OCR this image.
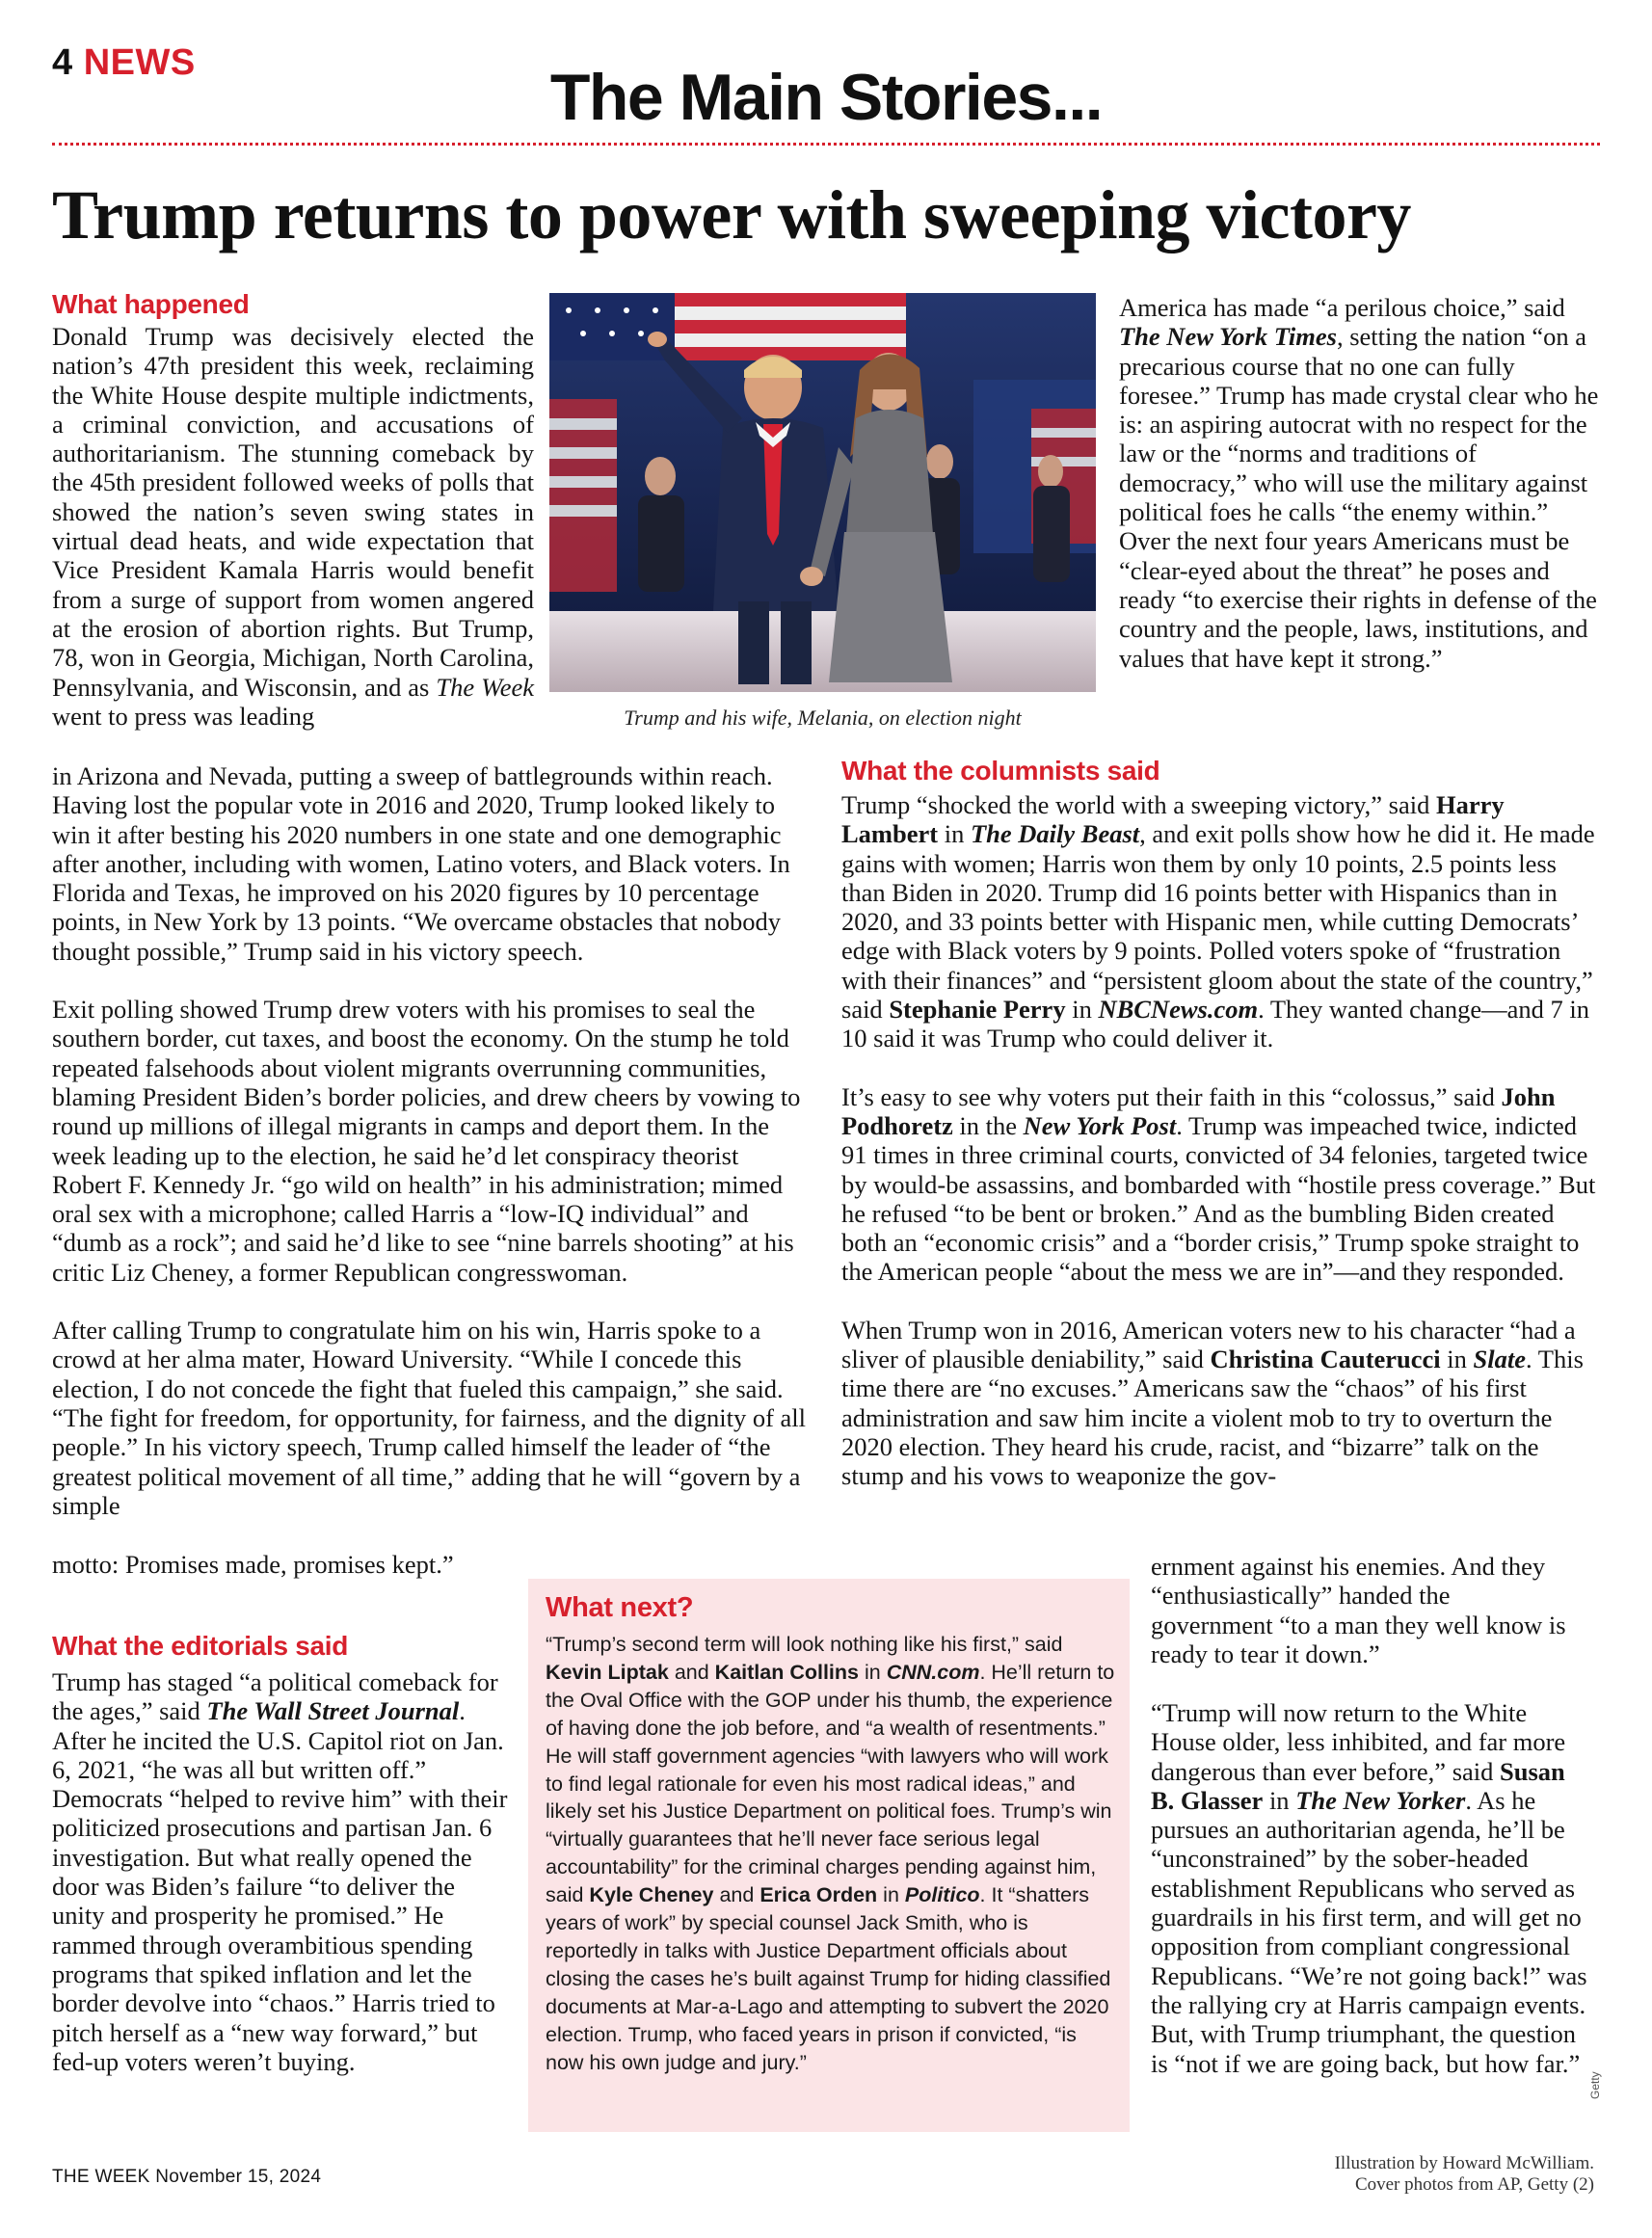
4 NEWS	The Main Stories...
Trump returns to power with sweeping victory
What happened
Donald Trump was decisively elected the nation’s 47th president this week, reclaiming the White House despite multiple indictments, a criminal conviction, and accusations of authoritarianism. The stunning comeback by the 45th president followed weeks of polls that showed the nation’s seven swing states in virtual dead heats, and wide expectation that Vice President Kamala Harris would benefit from a surge of support from women angered at the erosion of abortion rights. But Trump, 78, won in Georgia, Michigan, North Carolina, Pennsylvania, and Wisconsin, and as The Week went to press was leading	Trump and his wife, Melania, on election night
America has made “a perilous choice,” said The New York Times, setting the nation “on a precarious course that no one can fully foresee.” Trump has made crystal clear who he is: an aspiring autocrat with no respect for the law or the “norms and traditions of democracy,” who will use the military against political foes he calls “the enemy within.” Over the next four years Americans must be “clear-eyed about the threat” he poses and ready “to exercise their rights in defense of the country and the people, laws, institutions, and values that have kept it strong.”

in Arizona and Nevada, putting a sweep of battlegrounds within reach. Having lost the popular vote in 2016 and 2020, Trump looked likely to win it after besting his 2020 numbers in one state and one demographic after another, including with women, Latino voters, and Black voters. In Florida and Texas, he improved on his 2020 figures by 10 percentage points, in New York by 13 points. “We overcame obstacles that nobody thought possible,” Trump said in his victory speech.

Exit polling showed Trump drew voters with his promises to seal the southern border, cut taxes, and boost the economy. On the stump he told repeated falsehoods about violent migrants overrunning communities, blaming President Biden’s border policies, and drew cheers by vowing to round up millions of illegal migrants in camps and deport them. In the week leading up to the election, he said he’d let conspiracy theorist Robert F. Kennedy Jr. “go wild on health” in his administration; mimed oral sex with a microphone; called Harris a “low-IQ individual” and “dumb as a rock”; and said he’d like to see “nine barrels shooting” at his critic Liz Cheney, a former Republican congresswoman.

After calling Trump to congratulate him on his win, Harris spoke to a crowd at her alma mater, Howard University. “While I concede this election, I do not concede the fight that fueled this campaign,” she said. “The fight for freedom, for opportunity, for fairness, and the dignity of all people.” In his victory speech, Trump called himself the leader of “the greatest political movement of all time,” adding that he will “govern by a simple

motto: Promises made, promises kept.”
What the editorials said
Trump has staged “a political comeback for the ages,” said The Wall Street Journal. After he incited the U.S. Capitol riot on Jan. 6, 2021, “he was all but written off.” Democrats “helped to revive him” with their politicized prosecutions and partisan Jan. 6 investigation. But what really opened the door was Biden’s failure “to deliver the unity and prosperity he promised.” He rammed through overambitious spending programs that spiked inflation and let the border devolve into “chaos.” Harris tried to pitch herself as a “new way forward,” but fed-up voters weren’t buying.
What the columnists said

Trump “shocked the world with a sweeping victory,” said Harry Lambert in The Daily Beast, and exit polls show how he did it. He made gains with women; Harris won them by only 10 points, 2.5 points less than Biden in 2020. Trump did 16 points better with Hispanics than in 2020, and 33 points better with Hispanic men, while cutting Democrats’ edge with Black voters by 9 points. Polled voters spoke of “frustration with their finances” and “persistent gloom about the state of the country,” said Stephanie Perry in NBCNews.com. They wanted change—and 7 in 10 said it was Trump who could deliver it.

It’s easy to see why voters put their faith in this “colossus,” said John Podhoretz in the New York Post. Trump was impeached twice, indicted 91 times in three criminal courts, convicted of 34 felonies, targeted twice by would-be assassins, and bombarded with “hostile press coverage.” But he refused “to be bent or broken.” And as the bumbling Biden created both an “economic crisis” and a “border crisis,” Trump spoke straight to the American people “about the mess we are in”—and they responded.

When Trump won in 2016, American voters new to his character “had a sliver of plausible deniability,” said Christina Cauterucci in Slate. This time there are “no excuses.” Americans saw the “chaos” of his first administration and saw him incite a violent mob to try to overturn the 2020 election. They heard his crude, racist, and “bizarre” talk on the stump and his vows to weaponize the gov-

ernment against his enemies. And they “enthusiastically” handed the government “to a man they well know is ready to tear it down.”
“Trump will now return to the White House older, less inhibited, and far more dangerous than ever before,” said Susan B. Glasser in The New Yorker. As he pursues an authoritarian agenda, he’ll be “unconstrained” by the sober-headed establishment Republicans who served as guardrails in his first term, and will get no opposition from compliant congressional Republicans. “We’re not going back!” was the rallying cry at Harris campaign events. But, with Trump triumphant, the question is “not if we are going back, but how far.”
What next?
“Trump’s second term will look nothing like his first,” said Kevin Liptak and Kaitlan Collins in CNN.com. He’ll return to the Oval Office with the GOP under his thumb, the experience of having done the job before, and “a wealth of resentments.” He will staff government agencies “with lawyers who will work to find legal rationale for even his most radical ideas,” and likely set his Justice Department on political foes. Trump’s win “virtually guarantees that he’ll never face serious legal accountability” for the criminal charges pending against him, said Kyle Cheney and Erica Orden in Politico. It “shatters years of work” by special counsel Jack Smith, who is reportedly in talks with Justice Department officials about closing the cases he’s built against Trump for hiding classified documents at Mar-a-Lago and attempting to subvert the 2020 election. Trump, who faced years in prison if convicted, “is now his own judge and jury.”
THE WEEK November 15, 2024
Illustration by Howard McWilliam.
Cover photos from AP, Getty (2)
Getty
